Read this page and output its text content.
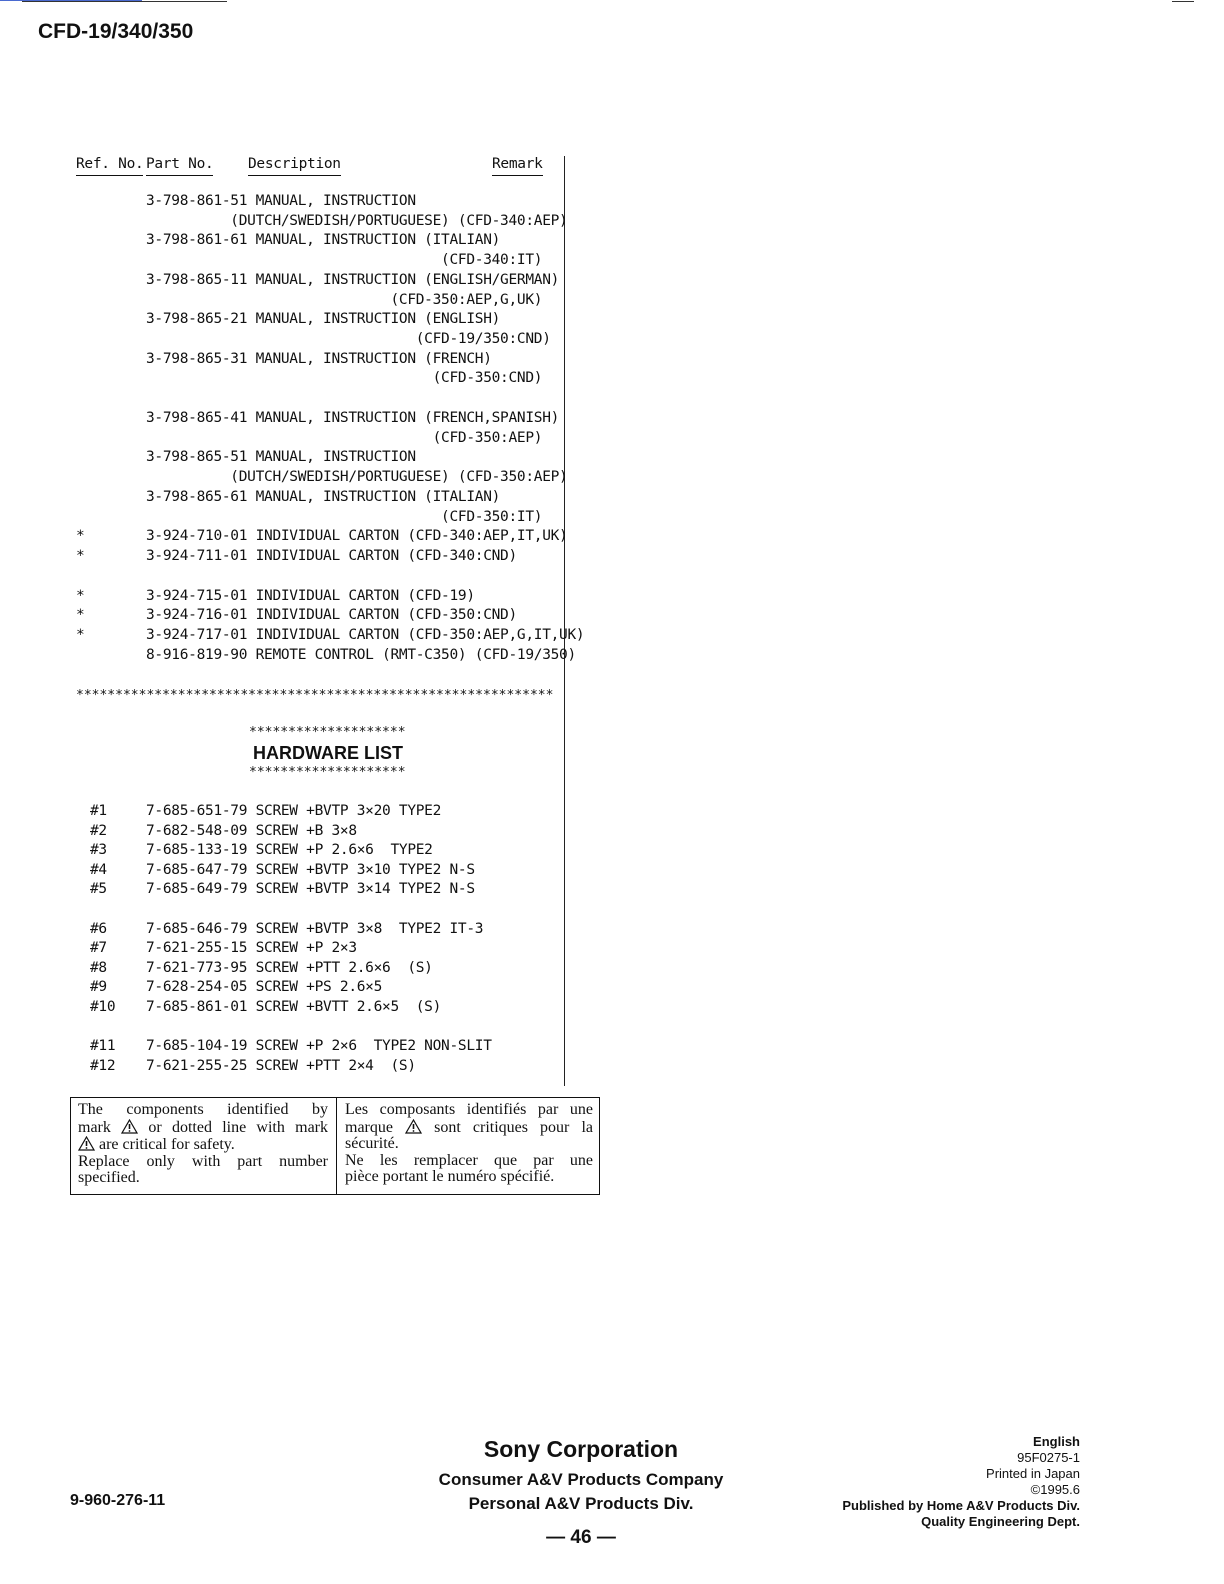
CFD-19/340/350
Ref. No. Part No. Description	Remark
3-798-861-51 MANUAL, INSTRUCTION
(DUTCH/SWEDISH/PORTUGUESE) (CFD-340:AEP)
3-798-861-61 MANUAL, INSTRUCTION (ITALIAN)
(CFD-340:IT)
3-798-865-11 MANUAL, INSTRUCTION (ENGLISH/GERMAN)
(CFD-350:AEP,G,UK)
3-798-865-21 MANUAL, INSTRUCTION (ENGLISH)
(CFD-19/350:CND)
3-798-865-31 MANUAL, INSTRUCTION (FRENCH)
(CFD-350:CND)
3-798-865-41 MANUAL, INSTRUCTION (FRENCH,SPANISH)
(CFD-350:AEP)
3-798-865-51 MANUAL, INSTRUCTION
(DUTCH/SWEDISH/PORTUGUESE) (CFD-350:AEP)
3-798-865-61 MANUAL, INSTRUCTION (ITALIAN)
(CFD-350:IT)
*	3-924-710-01 INDIVIDUAL CARTON (CFD-340:AEP,IT,UK)
*	3-924-711-01 INDIVIDUAL CARTON (CFD-340:CND)
*	3-924-715-01 INDIVIDUAL CARTON (CFD-19)
*	3-924-716-01 INDIVIDUAL CARTON (CFD-350:CND)
*	3-924-717-01 INDIVIDUAL CARTON (CFD-350:AEP,G,IT,UK)
8-916-819-90 REMOTE CONTROL (RMT-C350) (CFD-19/350)
*************************************************************
********************
HARDWARE LIST
********************
#1	7-685-651-79 SCREW +BVTP 3×20 TYPE2
#2	7-682-548-09 SCREW +B 3×8
#3	7-685-133-19 SCREW +P 2.6×6  TYPE2
#4	7-685-647-79 SCREW +BVTP 3×10 TYPE2 N-S
#5	7-685-649-79 SCREW +BVTP 3×14 TYPE2 N-S
#6	7-685-646-79 SCREW +BVTP 3×8  TYPE2 IT-3
#7	7-621-255-15 SCREW +P 2×3
#8	7-621-773-95 SCREW +PTT 2.6×6  (S)
#9	7-628-254-05 SCREW +PS 2.6×5
#10 7-685-861-01 SCREW +BVTT 2.6×5  (S)
#11 7-685-104-19 SCREW +P 2×6  TYPE2 NON-SLIT
#12 7-621-255-25 SCREW +PTT 2×4  (S)
The components identified by
mark or dotted line with mark
are critical for safety.
Replace only with part number
specified.
Les composants identifiés par une
marque	sont critiques pour la
sécurité.
Ne les remplacer que par une
pièce portant le numéro spécifié.
9-960-276-11
Sony Corporation
Consumer A&V Products Company
Personal A&V Products Div.
— 46 —
English
95F0275-1
Printed in Japan
©1995.6
Published by Home A&V Products Div.
Quality Engineering Dept.
